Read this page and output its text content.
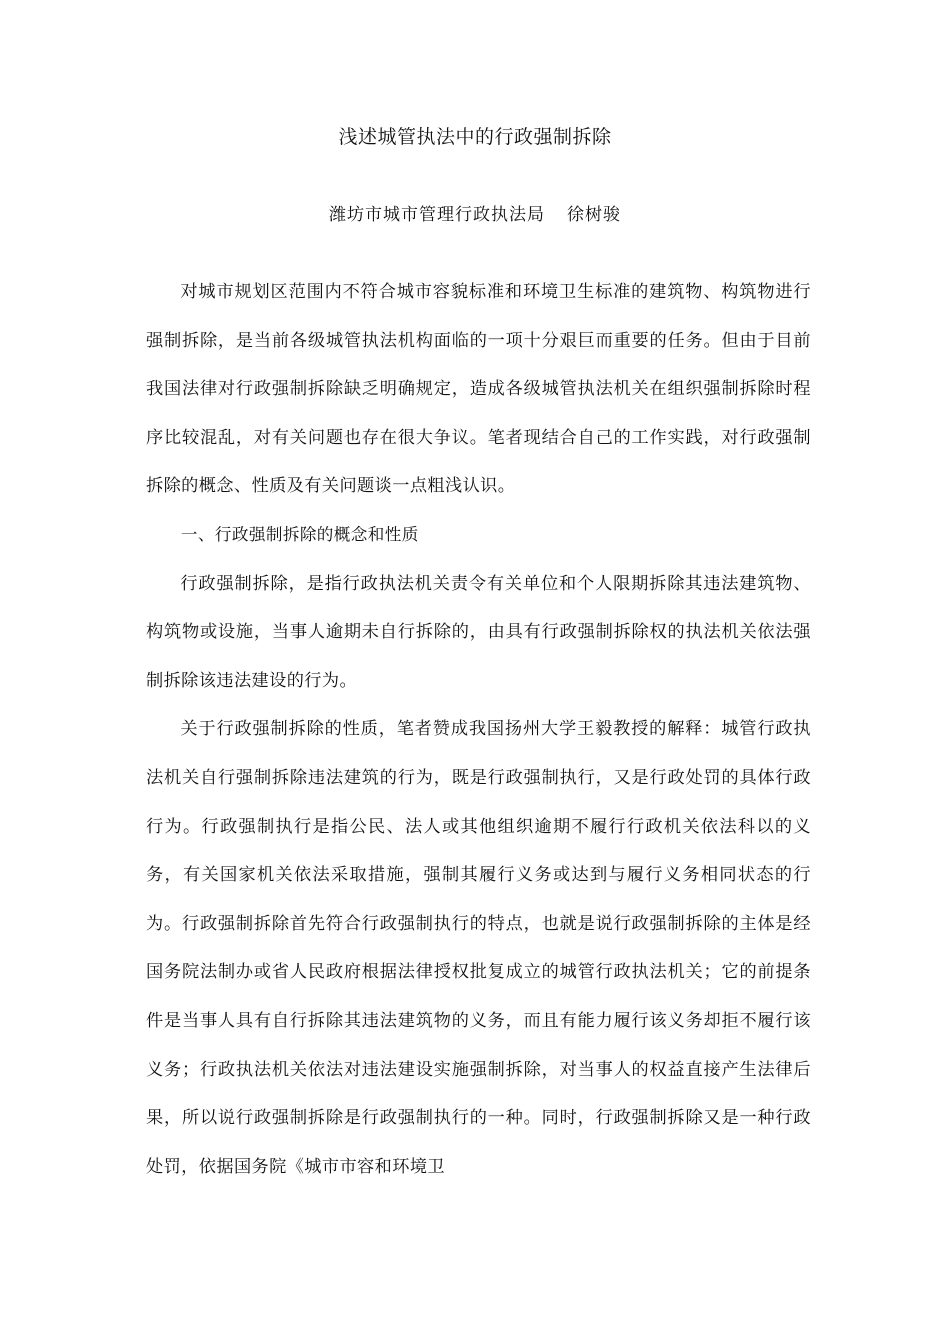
浅述城管执法中的行政强制拆除
潍坊市城市管理行政执法局 徐树骏

对城市规划区范围内不符合城市容貌标准和环境卫生标准的建筑物、构筑物进行强制拆除，是当前各级城管执法机构面临的一项十分艰巨而重要的任务。但由于目前我国法律对行政强制拆除缺乏明确规定，造成各级城管执法机关在组织强制拆除时程序比较混乱，对有关问题也存在很大争议。笔者现结合自己的工作实践，对行政强制拆除的概念、性质及有关问题谈一点粗浅认识。

一、行政强制拆除的概念和性质

行政强制拆除，是指行政执法机关责令有关单位和个人限期拆除其违法建筑物、构筑物或设施，当事人逾期未自行拆除的，由具有行政强制拆除权的执法机关依法强制拆除该违法建设的行为。

关于行政强制拆除的性质，笔者赞成我国扬州大学王毅教授的解释：城管行政执法机关自行强制拆除违法建筑的行为，既是行政强制执行，又是行政处罚的具体行政行为。行政强制执行是指公民、法人或其他组织逾期不履行行政机关依法科以的义务，有关国家机关依法采取措施，强制其履行义务或达到与履行义务相同状态的行为。行政强制拆除首先符合行政强制执行的特点，也就是说行政强制拆除的主体是经国务院法制办或省人民政府根据法律授权批复成立的城管行政执法机关；它的前提条件是当事人具有自行拆除其违法建筑物的义务，而且有能力履行该义务却拒不履行该义务；行政执法机关依法对违法建设实施强制拆除，对当事人的权益直接产生法律后果，所以说行政强制拆除是行政强制执行的一种。同时，行政强制拆除又是一种行政处罚，依据国务院《城市市容和环境卫
